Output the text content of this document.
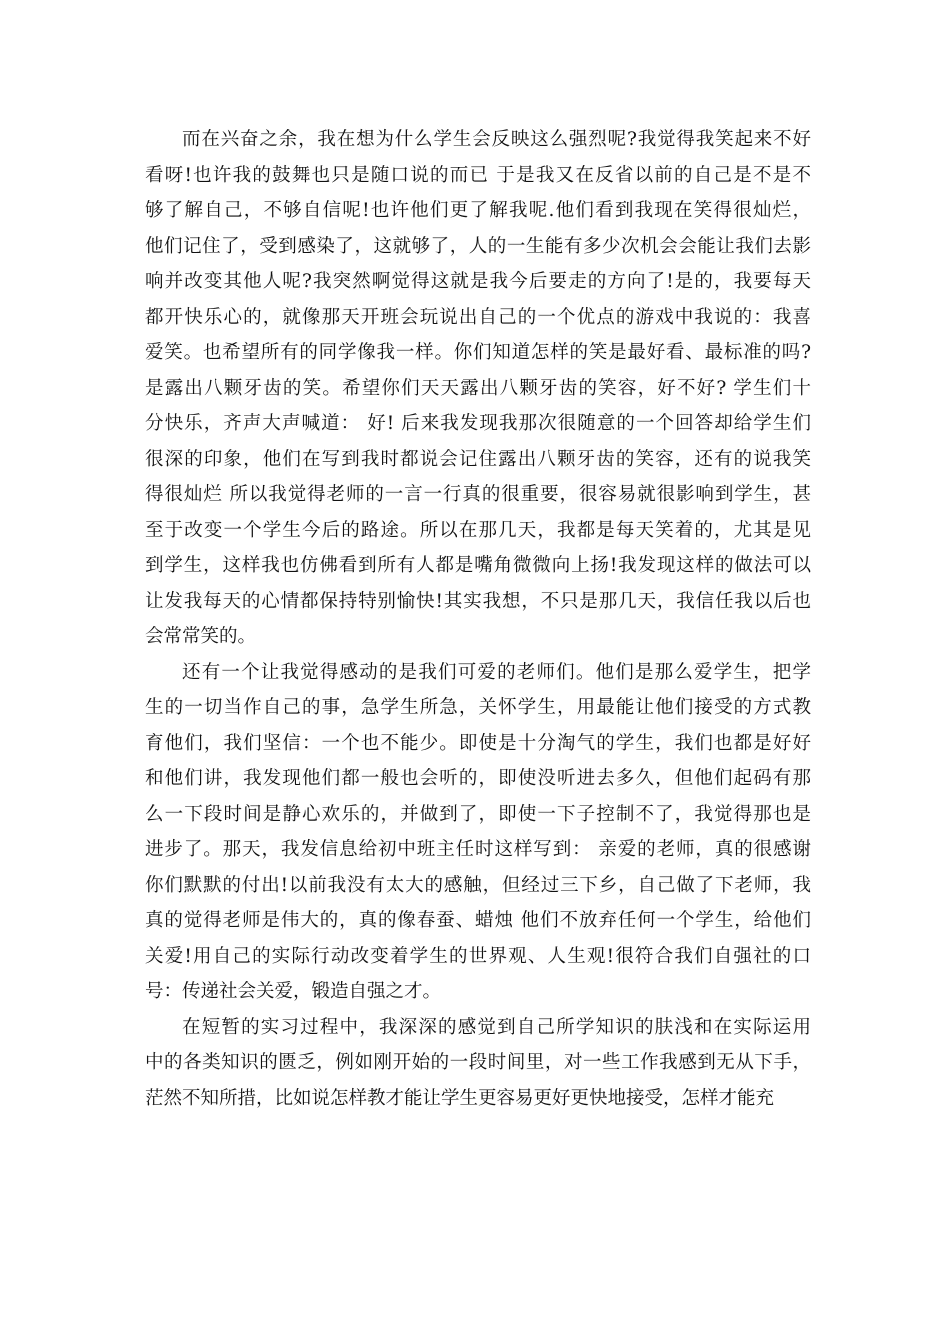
而在兴奋之余，我在想为什么学生会反映这么强烈呢?我觉得我笑起来不好
看呀!也许我的鼓舞也只是随口说的而已 于是我又在反省以前的自己是不是不
够了解自己，不够自信呢!也许他们更了解我呢.他们看到我现在笑得很灿烂，
他们记住了，受到感染了，这就够了，人的一生能有多少次机会会能让我们去影
响并改变其他人呢?我突然啊觉得这就是我今后要走的方向了!是的，我要每天
都开快乐心的，就像那天开班会玩说出自己的一个优点的游戏中我说的：我喜
爱笑。也希望所有的同学像我一样。你们知道怎样的笑是最好看、最标准的吗?
是露出八颗牙齿的笑。希望你们天天露出八颗牙齿的笑容，好不好? 学生们十
分快乐，齐声大声喊道： 好! 后来我发现我那次很随意的一个回答却给学生们
很深的印象，他们在写到我时都说会记住露出八颗牙齿的笑容，还有的说我笑
得很灿烂 所以我觉得老师的一言一行真的很重要，很容易就很影响到学生，甚
至于改变一个学生今后的路途。所以在那几天，我都是每天笑着的，尤其是见
到学生，这样我也仿佛看到所有人都是嘴角微微向上扬!我发现这样的做法可以
让发我每天的心情都保持特别愉快!其实我想，不只是那几天，我信任我以后也
会常常笑的。
还有一个让我觉得感动的是我们可爱的老师们。他们是那么爱学生，把学
生的一切当作自己的事，急学生所急，关怀学生，用最能让他们接受的方式教
育他们，我们坚信：一个也不能少。即使是十分淘气的学生，我们也都是好好
和他们讲，我发现他们都一般也会听的，即使没听进去多久，但他们起码有那
么一下段时间是静心欢乐的，并做到了，即使一下子控制不了，我觉得那也是
进步了。那天，我发信息给初中班主任时这样写到： 亲爱的老师，真的很感谢
你们默默的付出!以前我没有太大的感触，但经过三下乡，自己做了下老师，我
真的觉得老师是伟大的，真的像春蚕、蜡烛 他们不放弃任何一个学生，给他们
关爱!用自己的实际行动改变着学生的世界观、人生观!很符合我们自强社的口
号：传递社会关爱，锻造自强之才。
在短暂的实习过程中，我深深的感觉到自己所学知识的肤浅和在实际运用
中的各类知识的匮乏，例如刚开始的一段时间里，对一些工作我感到无从下手，
茫然不知所措，比如说怎样教才能让学生更容易更好更快地接受，怎样才能充
